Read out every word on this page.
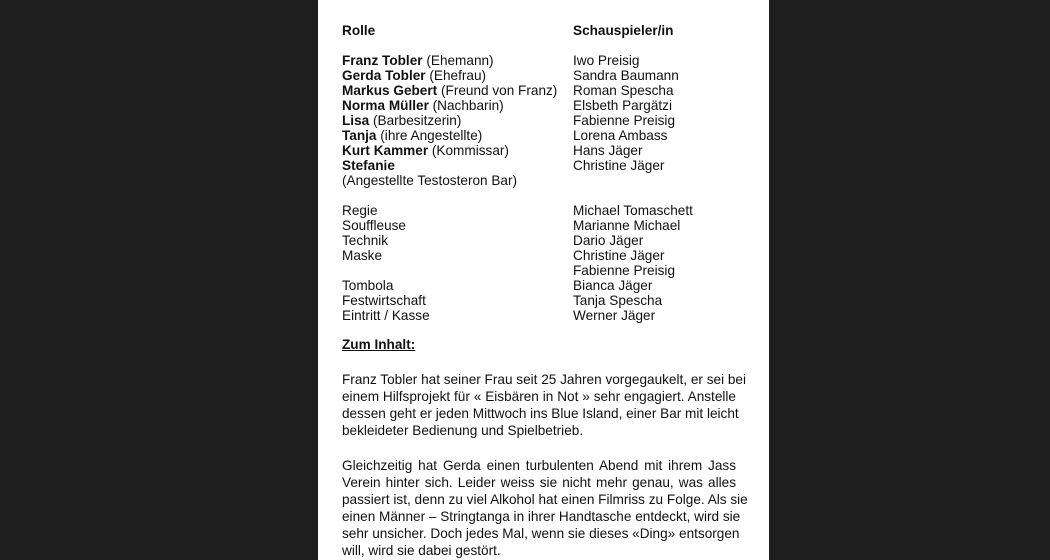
Rolle	Schauspieler/in
Franz Tobler (Ehemann)	Iwo Preisig
Gerda Tobler (Ehefrau)	Sandra Baumann
Markus Gebert (Freund von Franz) Roman Spescha
Norma Müller (Nachbarin)	Elsbeth Pargätzi
Lisa (Barbesitzerin)	Fabienne Preisig
Tanja (ihre Angestellte)	Lorena Ambass
Kurt Kammer (Kommissar)	Hans Jäger
Stefanie	Christine Jäger
(Angestellte Testosteron Bar)
Regie	Michael Tomaschett
Souffleuse	Marianne Michael
Technik	Dario Jäger
Maske	Christine Jäger
Fabienne Preisig
Tombola	Bianca Jäger
Festwirtschaft	Tanja Spescha
Eintritt / Kasse	Werner Jäger
Zum Inhalt:
Franz Tobler hat seiner Frau seit 25 Jahren vorgegaukelt, er sei bei
einem Hilfsprojekt für « Eisbären in Not » sehr engagiert. Anstelle
dessen geht er jeden Mittwoch ins Blue Island, einer Bar mit leicht
bekleideter Bedienung und Spielbetrieb.
Gleichzeitig hat Gerda einen turbulenten Abend mit ihrem Jass
Verein hinter sich. Leider weiss sie nicht mehr genau, was alles
passiert ist, denn zu viel Alkohol hat einen Filmriss zu Folge. Als sie
einen Männer – Stringtanga in ihrer Handtasche entdeckt, wird sie
sehr unsicher. Doch jedes Mal, wenn sie dieses «Ding» entsorgen
will, wird sie dabei gestört.
